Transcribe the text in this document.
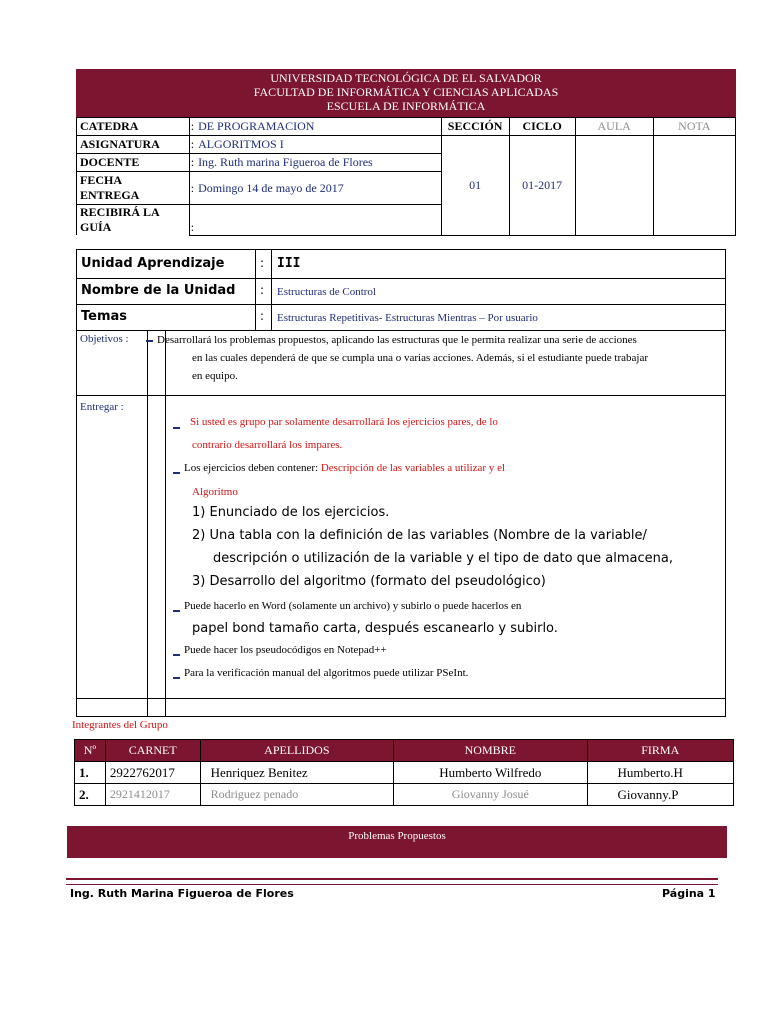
UNIVERSIDAD TECNOLÓGICA DE EL SALVADOR
FACULTAD DE INFORMÁTICA Y CIENCIAS APLICADAS
ESCUELA DE INFORMÁTICA
CATEDRA	:	DE PROGRAMACION	SECCIÓN	CICLO	AULA	NOTA
ASIGNATURA	:	ALGORITMOS I	01	01-2017		
DOCENTE	:	Ing. Ruth marina Figueroa de Flores				

FECHA
ENTREGA	:	Domingo 14 de mayo de 2017				

RECIBIRÁ LA
GUÍA	:					
Unidad Aprendizaje	: III
Nombre de la Unidad : Estructuras de Control
Temas	: Estructuras Repetitivas- Estructuras Mientras – Por usuario
Objetivos :	Desarrollará los problemas propuestos, aplicando las estructuras que le permita realizar una serie de acciones
en las cuales dependerá de que se cumpla una o varias acciones. Además, si el estudiante puede trabajar
en equipo.
Entregar :
Si usted es grupo par solamente desarrollará los ejercicios pares, de lo
contrario desarrollará los impares.
Los ejercicios deben contener: Descripción de las variables a utilizar y el
Algoritmo
1) Enunciado de los ejercicios.
2) Una tabla con la definición de las variables (Nombre de la variable/
descripción o utilización de la variable y el tipo de dato que almacena,
3) Desarrollo del algoritmo (formato del pseudológico)
Puede hacerlo en Word (solamente un archivo) y subirlo o puede hacerlos en
papel bond tamaño carta, después escanearlo y subirlo.
Puede hacer los pseudocódigos en Notepad++
Para la verificación manual del algoritmos puede utilizar PSeInt.
Integrantes del Grupo
Nº	CARNET	APELLIDOS	NOMBRE	FIRMA
1.	2922762017	Henriquez Benitez	Humberto Wilfredo	Humberto.H
2.	2921412017	Rodriguez penado	Giovanny Josué	Giovanny.P
Problemas Propuestos
Ing. Ruth Marina Figueroa de Flores	Página 1
